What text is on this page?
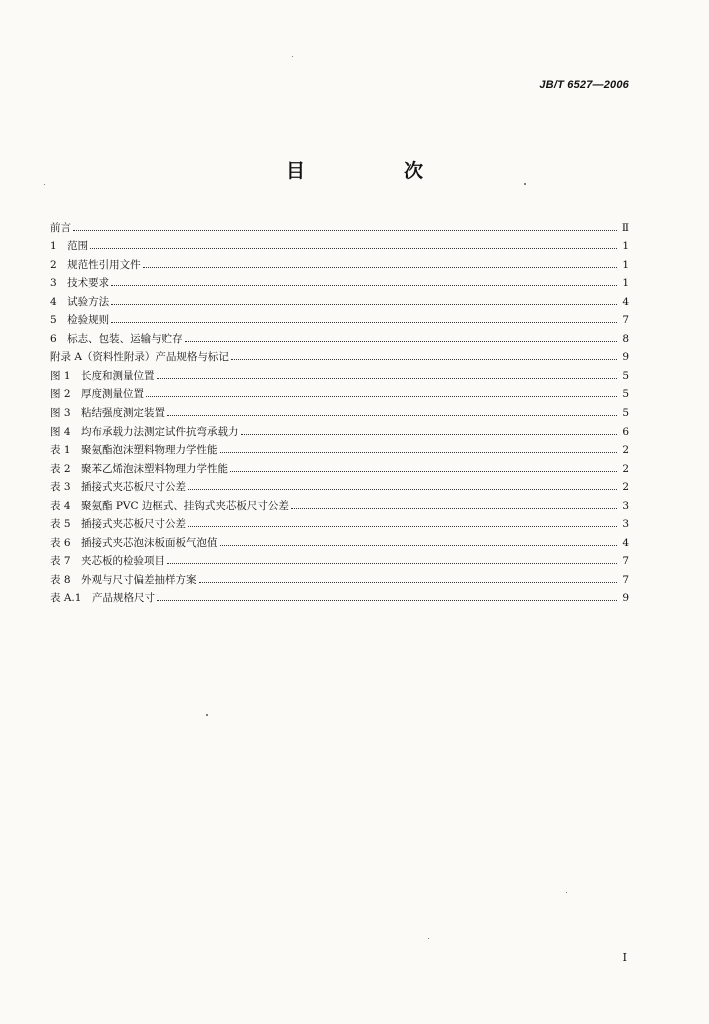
JB/T 6527—2006
目　次
前言	Ⅱ
1　范围	1
2　规范性引用文件	1
3　技术要求	1
4　试验方法	4
5　检验规则	7
6　标志、包装、运输与贮存	8
附录 A（资料性附录）产品规格与标记	9
图 1　长度和测量位置	5
图 2　厚度测量位置	5
图 3　粘结强度测定装置	5
图 4　均布承载力法测定试件抗弯承载力	6
表 1　聚氨酯泡沫塑料物理力学性能	2
表 2　聚苯乙烯泡沫塑料物理力学性能	2
表 3　插接式夹芯板尺寸公差	2
表 4　聚氨酯 PVC 边框式、挂钩式夹芯板尺寸公差	3
表 5　插接式夹芯板尺寸公差	3
表 6　插接式夹芯泡沫板面板气泡值	4
表 7　夹芯板的检验项目	7
表 8　外观与尺寸偏差抽样方案	7
表 A.1　产品规格尺寸	9
I
